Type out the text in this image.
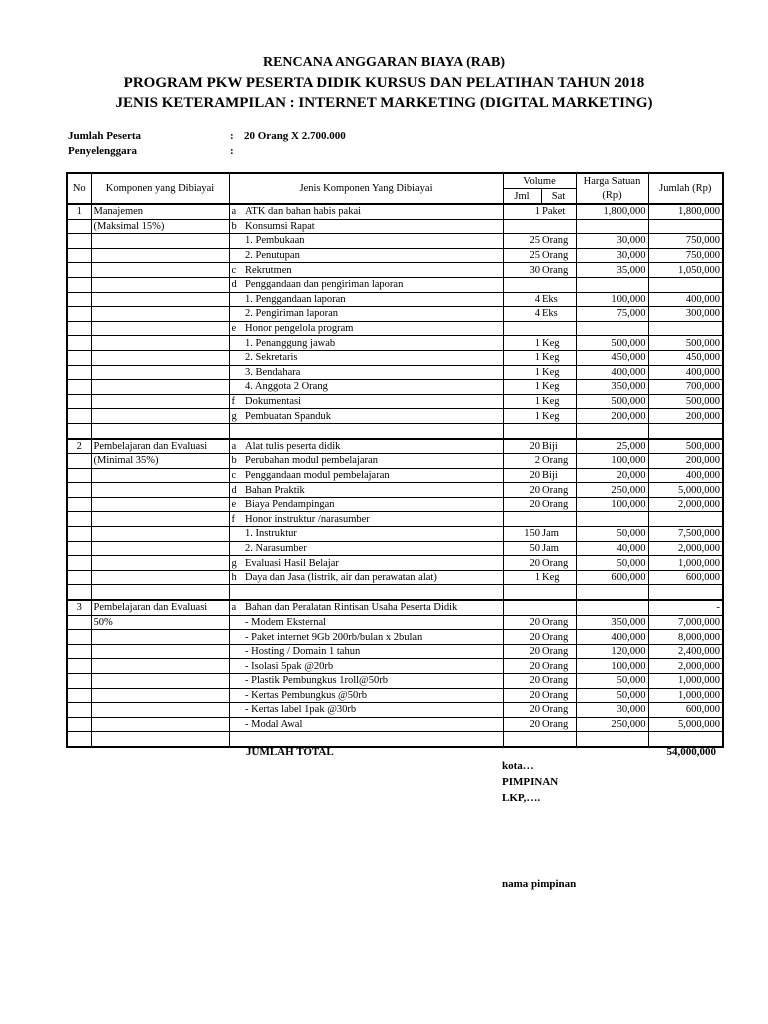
RENCANA ANGGARAN BIAYA (RAB)
PROGRAM PKW PESERTA DIDIK KURSUS DAN PELATIHAN TAHUN 2018
JENIS KETERAMPILAN : INTERNET MARKETING (DIGITAL MARKETING)
Jumlah Peserta	: 20 Orang X 2.700.000
Penyelenggara	:
No	Komponen yang Dibiayai	Jenis Komponen Yang Dibiayai		Volume		Harga Satuan (Rp)	Jumlah (Rp)
				Jml	Sat		
1	Manajemen	a	ATK dan bahan habis pakai	1	Paket	1,800,000	1,800,000
	(Maksimal 15%)	b	Konsumsi Rapat				
			1. Pembukaan	25	Orang	30,000	750,000
			2. Penutupan	25	Orang	30,000	750,000
		c	Rekrutmen	30	Orang	35,000	1,050,000
		d	Penggandaan dan pengiriman laporan				
			1. Penggandaan laporan	4	Eks	100,000	400,000
			2. Pengiriman laporan	4	Eks	75,000	300,000
		e	Honor pengelola program				
			1. Penanggung jawab	1	Keg	500,000	500,000
			2. Sekretaris	1	Keg	450,000	450,000
			3. Bendahara	1	Keg	400,000	400,000
			4. Anggota 2 Orang	1	Keg	350,000	700,000
		f	Dokumentasi	1	Keg	500,000	500,000
		g	Pembuatan Spanduk	1	Keg	200,000	200,000

2	Pembelajaran dan Evaluasi	a	Alat tulis peserta didik	20	Biji	25,000	500,000
	(Minimal 35%)	b	Perubahan modul pembelajaran	2	Orang	100,000	200,000
		c	Penggandaan modul pembelajaran	20	Biji	20,000	400,000
		d	Bahan Praktik	20	Orang	250,000	5,000,000
		e	Biaya Pendampingan	20	Orang	100,000	2,000,000
		f	Honor instruktur /narasumber				
			1. Instruktur	150	Jam	50,000	7,500,000
			2. Narasumber	50	Jam	40,000	2,000,000
		g	Evaluasi Hasil Belajar	20	Orang	50,000	1,000,000
		h	Daya dan Jasa (listrik, air dan perawatan alat)	1	Keg	600,000	600,000

3	Pembelajaran dan Evaluasi	a	Bahan dan Peralatan Rintisan Usaha Peserta Didik				-
	50%		- Modem Eksternal	20	Orang	350,000	7,000,000
			- Paket internet 9Gb 200rb/bulan x 2bulan	20	Orang	400,000	8,000,000
			- Hosting / Domain 1 tahun	20	Orang	120,000	2,400,000
			- Isolasi 5pak @20rb	20	Orang	100,000	2,000,000
			- Plastik Pembungkus 1roll@50rb	20	Orang	50,000	1,000,000
			- Kertas Pembungkus @50rb	20	Orang	50,000	1,000,000
			- Kertas label 1pak @30rb	20	Orang	30,000	600,000
			- Modal Awal	20	Orang	250,000	5,000,000

JUMLAH TOTAL	54,000,000
kota…
PIMPINAN
LKP,….
nama pimpinan
